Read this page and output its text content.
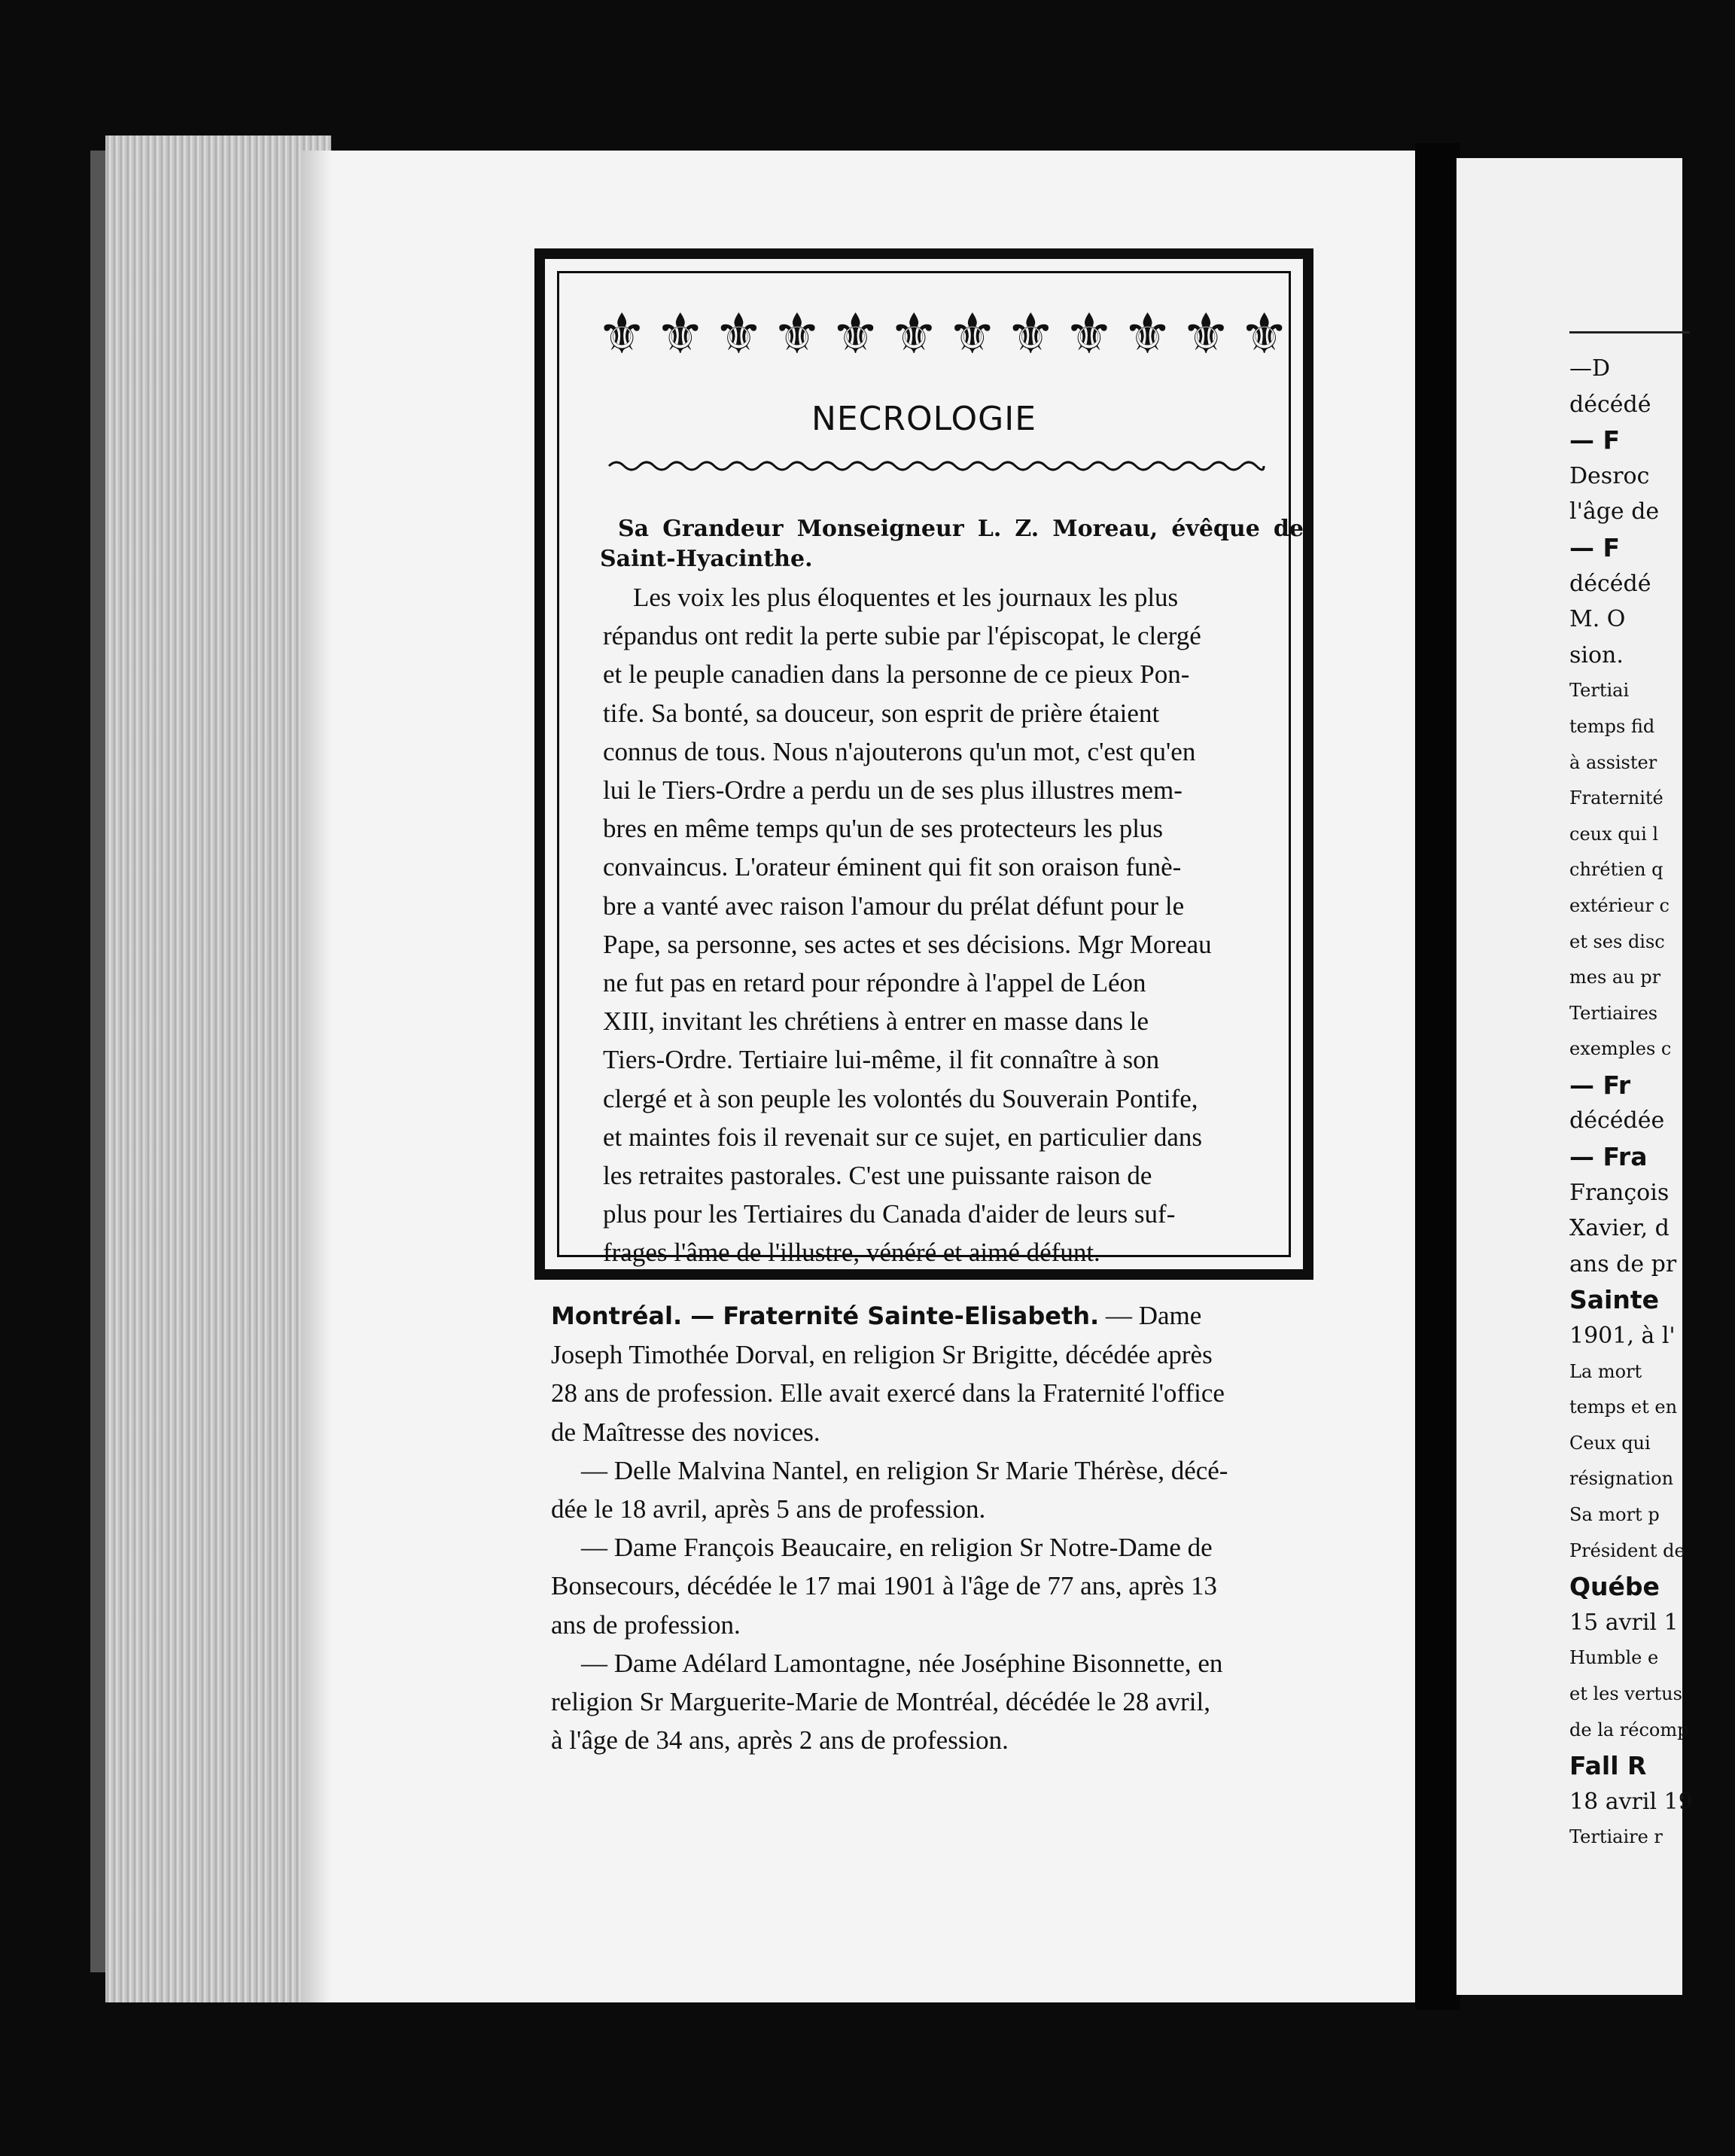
⚜ ⚜ ⚜ ⚜ ⚜ ⚜ ⚜ ⚜ ⚜ ⚜ ⚜ ⚜
NECROLOGIE

Sa Grandeur Monseigneur L. Z. Moreau, évêque de Saint-Hyacinthe.

Les voix les plus éloquentes et les journaux les plus
répandus ont redit la perte subie par l'épiscopat, le clergé
et le peuple canadien dans la personne de ce pieux Pon-
tife. Sa bonté, sa douceur, son esprit de prière étaient
connus de tous. Nous n'ajouterons qu'un mot, c'est qu'en
lui le Tiers-Ordre a perdu un de ses plus illustres mem-
bres en même temps qu'un de ses protecteurs les plus
convaincus. L'orateur éminent qui fit son oraison funè-
bre a vanté avec raison l'amour du prélat défunt pour le
Pape, sa personne, ses actes et ses décisions. Mgr Moreau
ne fut pas en retard pour répondre à l'appel de Léon
XIII, invitant les chrétiens à entrer en masse dans le
Tiers-Ordre. Tertiaire lui-même, il fit connaître à son
clergé et à son peuple les volontés du Souverain Pontife,
et maintes fois il revenait sur ce sujet, en particulier dans
les retraites pastorales. C'est une puissante raison de
plus pour les Tertiaires du Canada d'aider de leurs suf-
frages l'âme de l'illustre, vénéré et aimé défunt.
Montréal. — Fraternité Sainte-Elisabeth. — Dame
Joseph Timothée Dorval, en religion Sr Brigitte, décédée après
28 ans de profession. Elle avait exercé dans la Fraternité l'office
de Maîtresse des novices.
— Delle Malvina Nantel, en religion Sr Marie Thérèse, décé-
dée le 18 avril, après 5 ans de profession.
— Dame François Beaucaire, en religion Sr Notre-Dame de
Bonsecours, décédée le 17 mai 1901 à l'âge de 77 ans, après 13
ans de profession.
— Dame Adélard Lamontagne, née Joséphine Bisonnette, en
religion Sr Marguerite-Marie de Montréal, décédée le 28 avril,
à l'âge de 34 ans, après 2 ans de profession.
—D
décédé
— F
Desroc
l'âge de
— F
décédé
M. O
sion.
Tertiai
temps fid
à assister
Fraternité
ceux qui l
chrétien q
extérieur c
et ses disc
mes au pr
Tertiaires
exemples c
— Fr
décédée
— Fra
François
Xavier, d
ans de pr
Sainte
1901, à l'
La mort
temps et en
Ceux qui
résignation
Sa mort p
Président de
Québe
15 avril 1
Humble e
et les vertus
de la récomp
Fall R
18 avril 19
Tertiaire r
